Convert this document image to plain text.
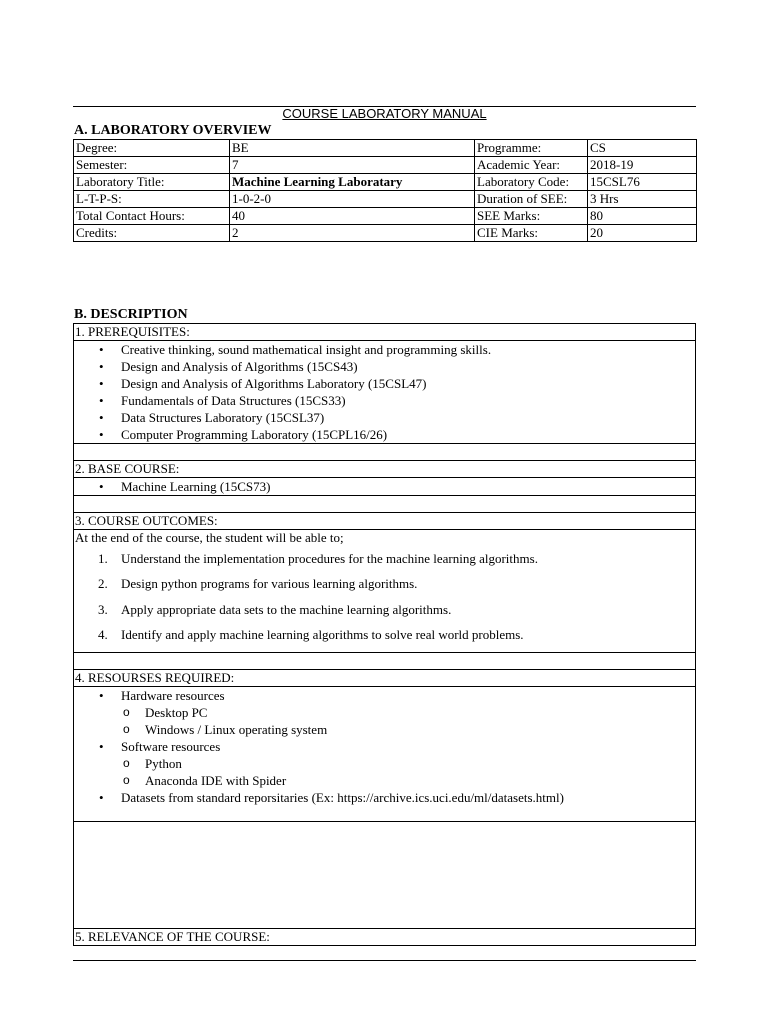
COURSE LABORATORY MANUAL
A. LABORATORY OVERVIEW
Degree:	BE	Programme:	CS
Semester:	7	Academic Year:	2018-19
Laboratory Title:	Machine Learning Laboratary	Laboratory Code:	15CSL76
L-T-P-S:	1-0-2-0	Duration of SEE:	3 Hrs
Total Contact Hours:	40	SEE Marks:	80
Credits:	2	CIE Marks:	20
B. DESCRIPTION
1. PREREQUISITES:

• Creative thinking, sound mathematical insight and programming skills.
• Design and Analysis of Algorithms (15CS43)
• Design and Analysis of Algorithms Laboratory (15CSL47)
• Fundamentals of Data Structures (15CS33)
• Data Structures Laboratory (15CSL37)
• Computer Programming Laboratory (15CPL16/26)

2. BASE COURSE:

• Machine Learning (15CS73)

3. COURSE OUTCOMES:

At the end of the course, the student will be able to;
1. Understand the implementation procedures for the machine learning algorithms.
2. Design python programs for various learning algorithms.
3. Apply appropriate data sets to the machine learning algorithms.
4. Identify and apply machine learning algorithms to solve real world problems.

4. RESOURSES REQUIRED:

• Hardware resources
o Desktop PC
o Windows / Linux operating system
• Software resources
o Python
o Anaconda IDE with Spider
• Datasets from standard reporsitaries (Ex: https://archive.ics.uci.edu/ml/datasets.html)

5. RELEVANCE OF THE COURSE:
